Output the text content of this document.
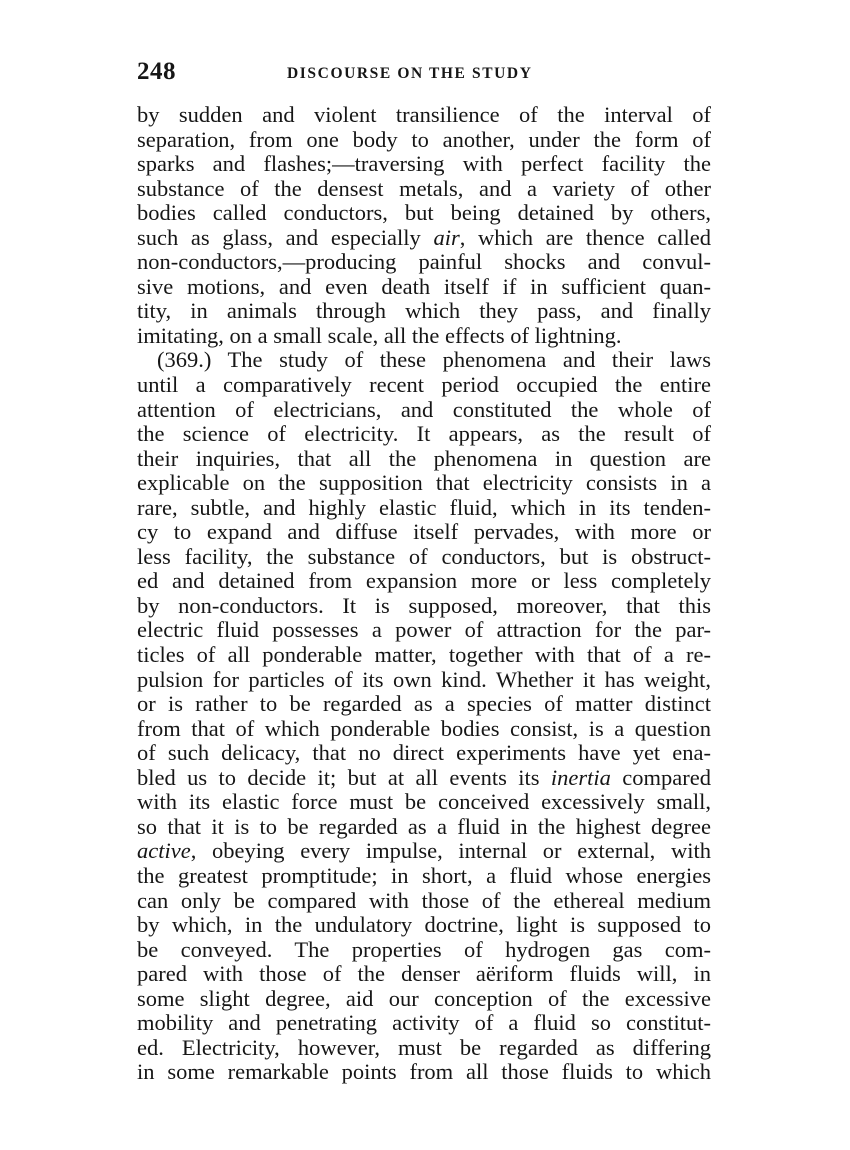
248	DISCOURSE ON THE STUDY
by sudden and violent transilience of the interval of
separation, from one body to another, under the form of
sparks and flashes;—traversing with perfect facility the
substance of the densest metals, and a variety of other
bodies called conductors, but being detained by others,
such as glass, and especially air, which are thence called
non-conductors,—producing painful shocks and convul-
sive motions, and even death itself if in sufficient quan-
tity, in animals through which they pass, and finally
imitating, on a small scale, all the effects of lightning.
(369.) The study of these phenomena and their laws
until a comparatively recent period occupied the entire
attention of electricians, and constituted the whole of
the science of electricity. It appears, as the result of
their inquiries, that all the phenomena in question are
explicable on the supposition that electricity consists in a
rare, subtle, and highly elastic fluid, which in its tenden-
cy to expand and diffuse itself pervades, with more or
less facility, the substance of conductors, but is obstruct-
ed and detained from expansion more or less completely
by non-conductors. It is supposed, moreover, that this
electric fluid possesses a power of attraction for the par-
ticles of all ponderable matter, together with that of a re-
pulsion for particles of its own kind. Whether it has weight,
or is rather to be regarded as a species of matter distinct
from that of which ponderable bodies consist, is a question
of such delicacy, that no direct experiments have yet ena-
bled us to decide it; but at all events its inertia compared
with its elastic force must be conceived excessively small,
so that it is to be regarded as a fluid in the highest degree
active, obeying every impulse, internal or external, with
the greatest promptitude; in short, a fluid whose energies
can only be compared with those of the ethereal medium
by which, in the undulatory doctrine, light is supposed to
be conveyed. The properties of hydrogen gas com-
pared with those of the denser aëriform fluids will, in
some slight degree, aid our conception of the excessive
mobility and penetrating activity of a fluid so constitut-
ed. Electricity, however, must be regarded as differing
in some remarkable points from all those fluids to which
